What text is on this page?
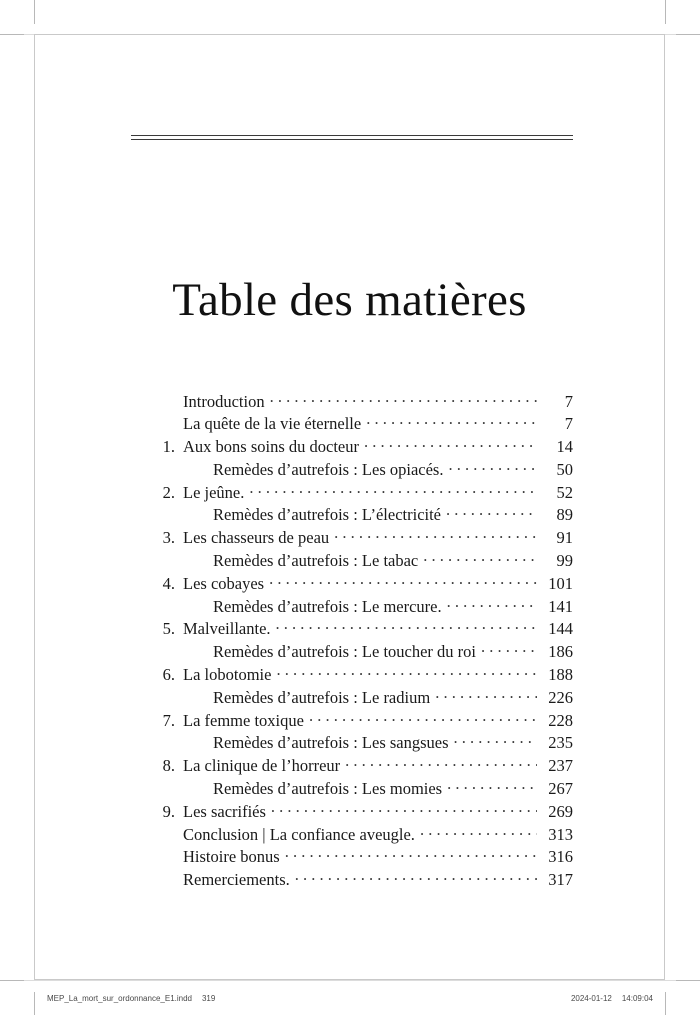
Table des matières
Introduction . . .	7
La quête de la vie éternelle . . .	7
1. Aux bons soins du docteur . . .	14
Remèdes d’autrefois : Les opiacés. . . .	50
2. Le jeûne. . . .	52
Remèdes d’autrefois : L’électricité . . .	89
3. Les chasseurs de peau . . .	91
Remèdes d’autrefois : Le tabac . . .	99
4. Les cobayes . . .	101
Remèdes d’autrefois : Le mercure. . . .	141
5. Malveillante. . . .	144
Remèdes d’autrefois : Le toucher du roi . . .	186
6. La lobotomie . . .	188
Remèdes d’autrefois : Le radium . . .	226
7. La femme toxique . . .	228
Remèdes d’autrefois : Les sangsues . . .	235
8. La clinique de l’horreur . . .	237
Remèdes d’autrefois : Les momies . . .	267
9. Les sacrifiés . . .	269
Conclusion | La confiance aveugle. . . .	313
Histoire bonus . . .	316
Remerciements. . . .	317
MEP_La_mort_sur_ordonnance_E1.indd 319	2024-01-12 14:09:04
